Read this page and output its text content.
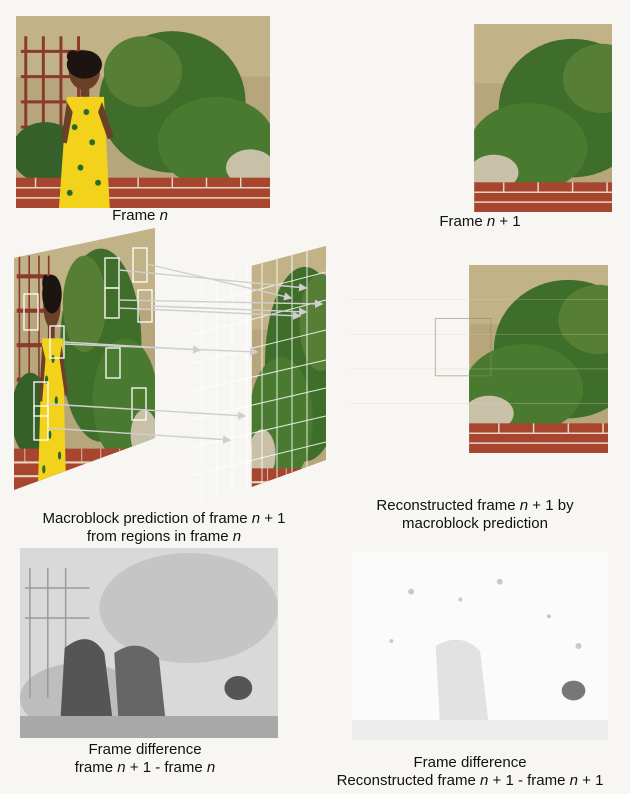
Frame n	Frame n + 1
Macroblock prediction of frame n + 1
from regions in frame n
Reconstructed frame n + 1 by
macroblock prediction
Frame difference
frame n + 1 - frame n	Frame difference
Reconstructed frame n + 1 - frame n + 1
